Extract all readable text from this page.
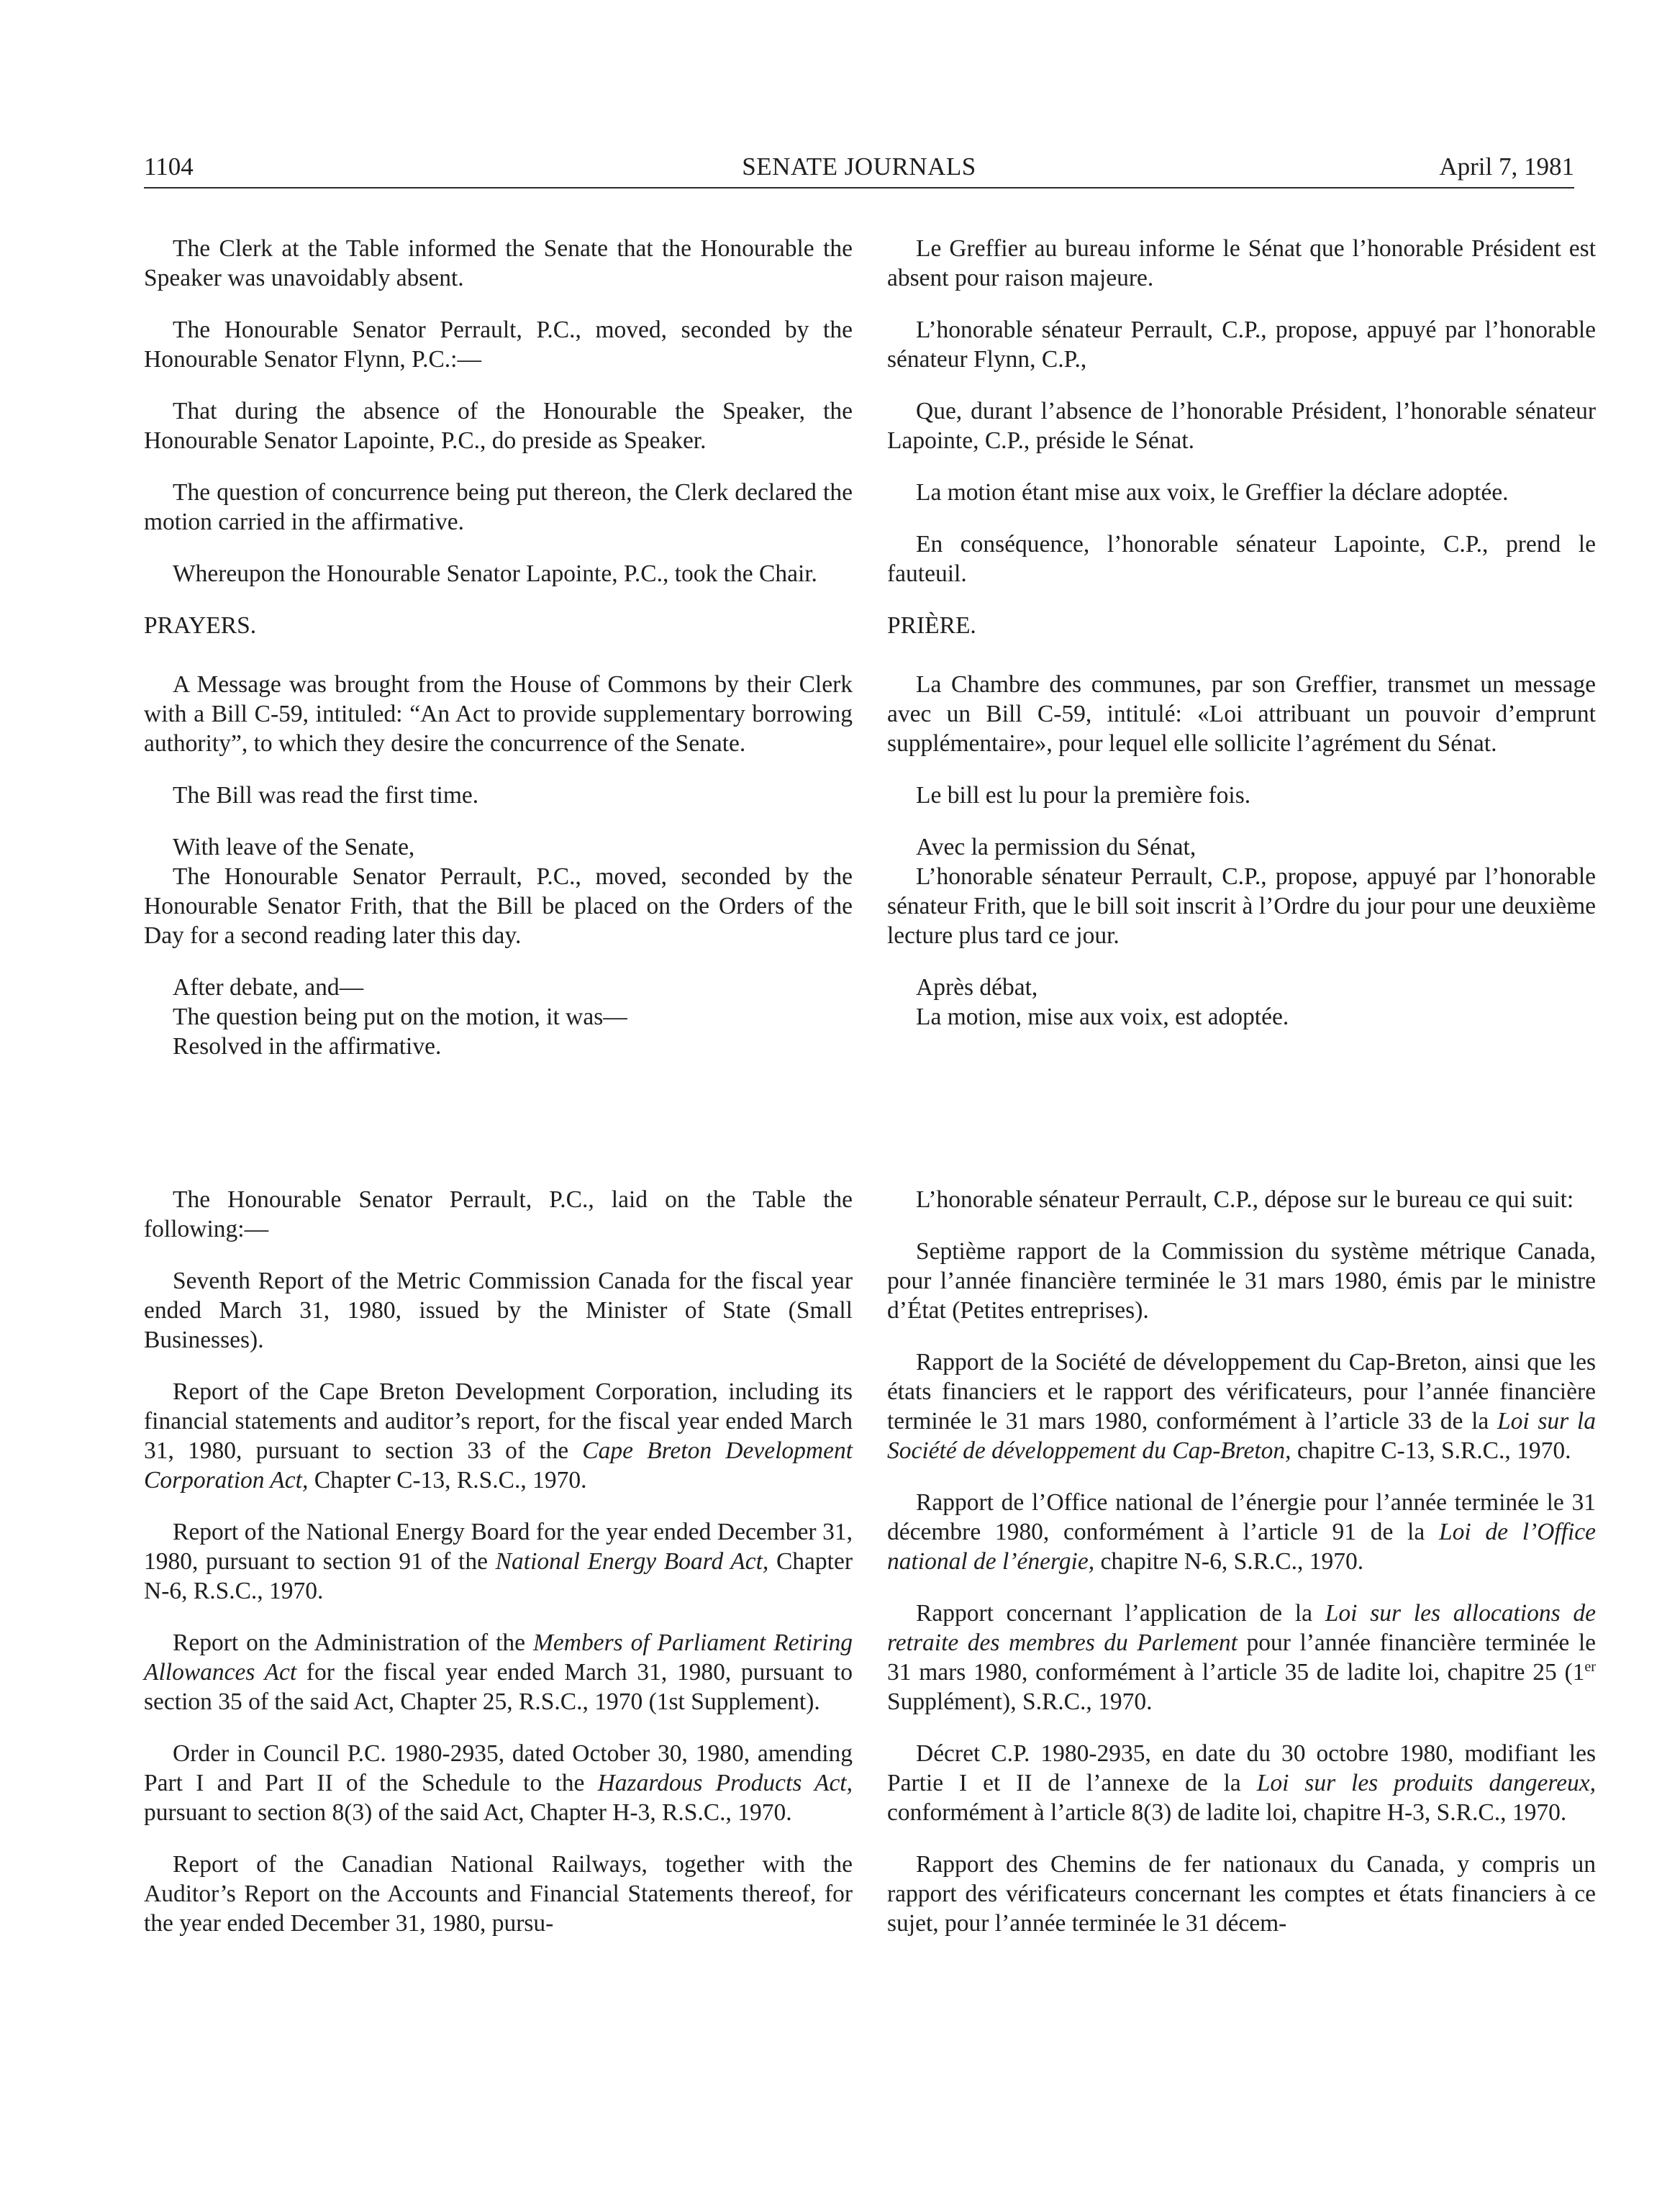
1104	SENATE JOURNALS	April 7, 1981

The Clerk at the Table informed the Senate that the Honourable the Speaker was unavoidably absent.

The Honourable Senator Perrault, P.C., moved, seconded by the Honourable Senator Flynn, P.C.:—

That during the absence of the Honourable the Speaker, the Honourable Senator Lapointe, P.C., do preside as Speaker.

The question of concurrence being put thereon, the Clerk declared the motion carried in the affirmative.

Whereupon the Honourable Senator Lapointe, P.C., took the Chair.

PRAYERS.

A Message was brought from the House of Commons by their Clerk with a Bill C-59, intituled: “An Act to provide supplementary borrowing authority”, to which they desire the concurrence of the Senate.

The Bill was read the first time.

With leave of the Senate,
The Honourable Senator Perrault, P.C., moved, seconded by the Honourable Senator Frith, that the Bill be placed on the Orders of the Day for a second reading later this day.

After debate, and—
The question being put on the motion, it was—
Resolved in the affirmative.

Le Greffier au bureau informe le Sénat que l’honorable Président est absent pour raison majeure.

L’honorable sénateur Perrault, C.P., propose, appuyé par l’honorable sénateur Flynn, C.P.,

Que, durant l’absence de l’honorable Président, l’honorable sénateur Lapointe, C.P., préside le Sénat.

La motion étant mise aux voix, le Greffier la déclare adoptée.

En conséquence, l’honorable sénateur Lapointe, C.P., prend le fauteuil.

PRIÈRE.

La Chambre des communes, par son Greffier, transmet un message avec un Bill C-59, intitulé: «Loi attribuant un pouvoir d’emprunt supplémentaire», pour lequel elle sollicite l’agrément du Sénat.

Le bill est lu pour la première fois.

Avec la permission du Sénat,
L’honorable sénateur Perrault, C.P., propose, appuyé par l’honorable sénateur Frith, que le bill soit inscrit à l’Ordre du jour pour une deuxième lecture plus tard ce jour.

Après débat,
La motion, mise aux voix, est adoptée.

The Honourable Senator Perrault, P.C., laid on the Table the following:—

Seventh Report of the Metric Commission Canada for the fiscal year ended March 31, 1980, issued by the Minister of State (Small Businesses).

Report of the Cape Breton Development Corporation, including its financial statements and auditor’s report, for the fiscal year ended March 31, 1980, pursuant to section 33 of the Cape Breton Development Corporation Act, Chapter C-13, R.S.C., 1970.

Report of the National Energy Board for the year ended December 31, 1980, pursuant to section 91 of the National Energy Board Act, Chapter N-6, R.S.C., 1970.

Report on the Administration of the Members of Parliament Retiring Allowances Act for the fiscal year ended March 31, 1980, pursuant to section 35 of the said Act, Chapter 25, R.S.C., 1970 (1st Supplement).

Order in Council P.C. 1980-2935, dated October 30, 1980, amending Part I and Part II of the Schedule to the Hazardous Products Act, pursuant to section 8(3) of the said Act, Chapter H-3, R.S.C., 1970.

Report of the Canadian National Railways, together with the Auditor’s Report on the Accounts and Financial Statements thereof, for the year ended December 31, 1980, pursu-

L’honorable sénateur Perrault, C.P., dépose sur le bureau ce qui suit:

Septième rapport de la Commission du système métrique Canada, pour l’année financière terminée le 31 mars 1980, émis par le ministre d’État (Petites entreprises).

Rapport de la Société de développement du Cap-Breton, ainsi que les états financiers et le rapport des vérificateurs, pour l’année financière terminée le 31 mars 1980, conformément à l’article 33 de la Loi sur la Société de développement du Cap-Breton, chapitre C-13, S.R.C., 1970.

Rapport de l’Office national de l’énergie pour l’année terminée le 31 décembre 1980, conformément à l’article 91 de la Loi de l’Office national de l’énergie, chapitre N-6, S.R.C., 1970.

Rapport concernant l’application de la Loi sur les allocations de retraite des membres du Parlement pour l’année financière terminée le 31 mars 1980, conformément à l’article 35 de ladite loi, chapitre 25 (1er Supplément), S.R.C., 1970.

Décret C.P. 1980-2935, en date du 30 octobre 1980, modifiant les Partie I et II de l’annexe de la Loi sur les produits dangereux, conformément à l’article 8(3) de ladite loi, chapitre H-3, S.R.C., 1970.

Rapport des Chemins de fer nationaux du Canada, y compris un rapport des vérificateurs concernant les comptes et états financiers à ce sujet, pour l’année terminée le 31 décem-
